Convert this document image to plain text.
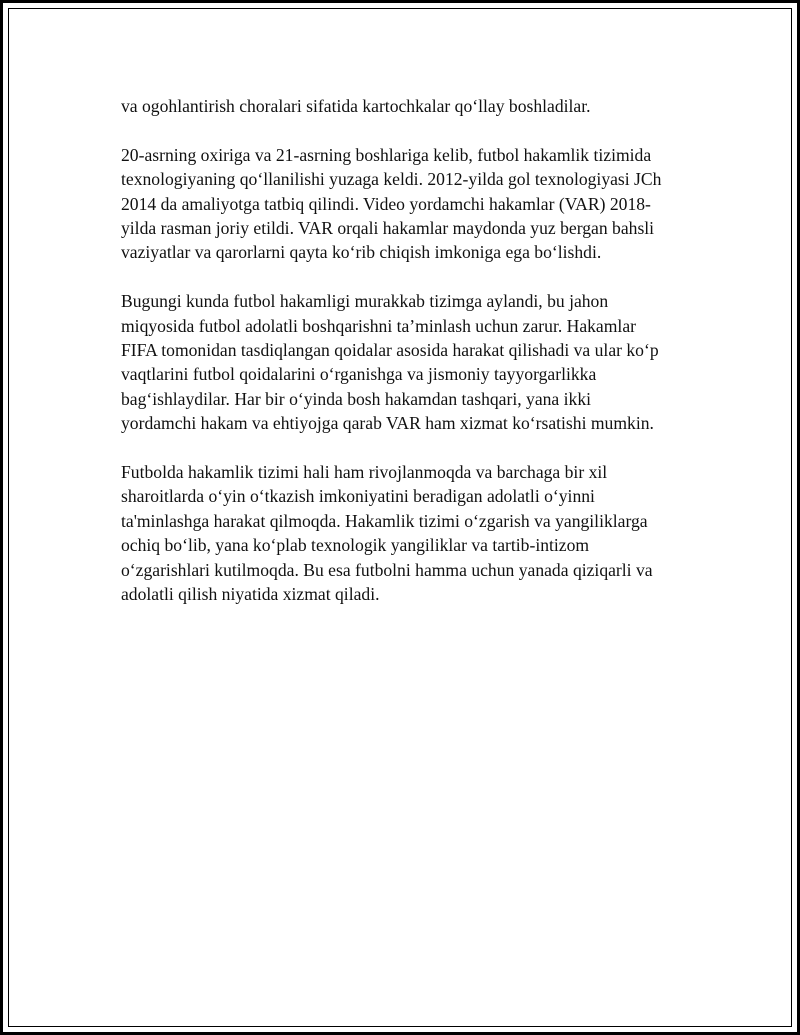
va ogohlantirish choralari sifatida kartochkalar qo‘llay boshladilar.
20-asrning oxiriga va 21-asrning boshlariga kelib, futbol hakamlik tizimida
texnologiyaning qo‘llanilishi yuzaga keldi. 2012-yilda gol texnologiyasi JCh
2014 da amaliyotga tatbiq qilindi. Video yordamchi hakamlar (VAR) 2018-
yilda rasman joriy etildi. VAR orqali hakamlar maydonda yuz bergan bahsli
vaziyatlar va qarorlarni qayta ko‘rib chiqish imkoniga ega bo‘lishdi.
Bugungi kunda futbol hakamligi murakkab tizimga aylandi, bu jahon
miqyosida futbol adolatli boshqarishni ta’minlash uchun zarur. Hakamlar
FIFA tomonidan tasdiqlangan qoidalar asosida harakat qilishadi va ular ko‘p
vaqtlarini futbol qoidalarini o‘rganishga va jismoniy tayyorgarlikka
bag‘ishlaydilar. Har bir o‘yinda bosh hakamdan tashqari, yana ikki
yordamchi hakam va ehtiyojga qarab VAR ham xizmat ko‘rsatishi mumkin.
Futbolda hakamlik tizimi hali ham rivojlanmoqda va barchaga bir xil
sharoitlarda o‘yin o‘tkazish imkoniyatini beradigan adolatli o‘yinni
ta'minlashga harakat qilmoqda. Hakamlik tizimi o‘zgarish va yangiliklarga
ochiq bo‘lib, yana ko‘plab texnologik yangiliklar va tartib-intizom
o‘zgarishlari kutilmoqda. Bu esa futbolni hamma uchun yanada qiziqarli va
adolatli qilish niyatida xizmat qiladi.
